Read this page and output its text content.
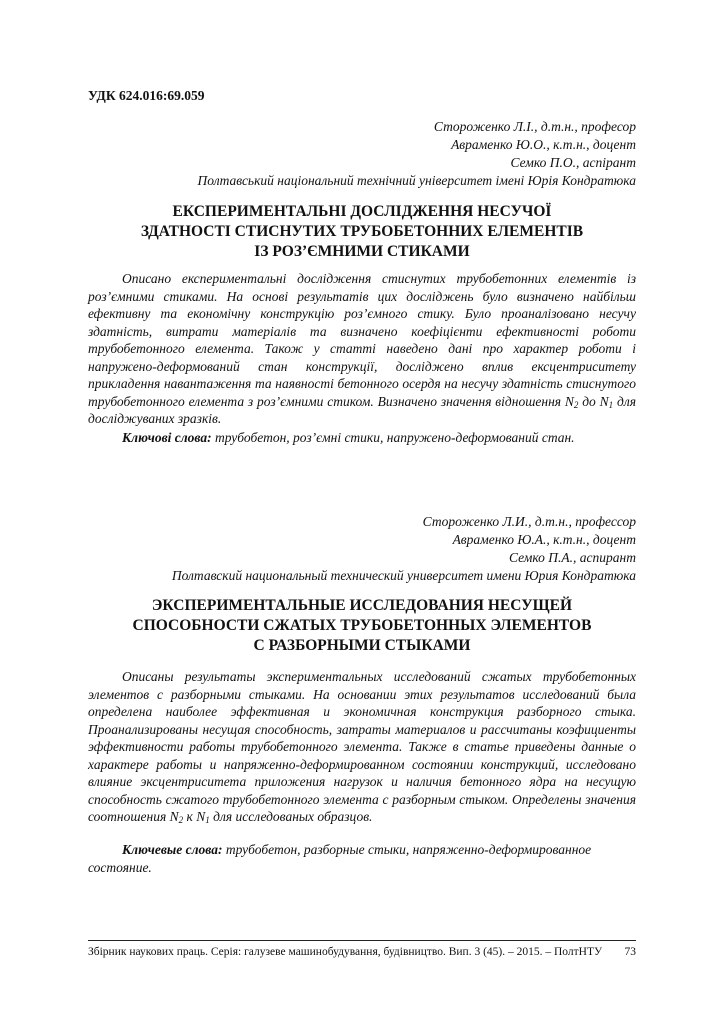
УДК 624.016:69.059
Стороженко Л.І., д.т.н., професор
Авраменко Ю.О., к.т.н., доцент
Семко П.О., аспірант
Полтавський національний технічний університет імені Юрія Кондратюка
ЕКСПЕРИМЕНТАЛЬНІ ДОСЛІДЖЕННЯ НЕСУЧОЇ
ЗДАТНОСТІ СТИСНУТИХ ТРУБОБЕТОННИХ ЕЛЕМЕНТІВ
ІЗ РОЗ’ЄМНИМИ СТИКАМИ

Описано експериментальні дослідження стиснутих трубобетонних елементів із роз’ємними стиками. На основі результатів цих досліджень було визначено найбільш ефективну та економічну конструкцію роз’ємного стику. Було проаналізовано несучу здатність, витрати матеріалів та визначено коефіцієнти ефективності роботи трубобетонного елемента. Також у статті наведено дані про характер роботи і напружено-деформований стан конструкції, досліджено вплив ексцентриситету прикладення навантаження та наявності бетонного осердя на несучу здатність стиснутого трубобетонного елемента з роз’ємними стиком. Визначено значення відношення $N_2$ до $N_1$ для досліджуваних зразків.

Ключові слова: трубобетон, роз’ємні стики, напружено-деформований стан.

Стороженко Л.И., д.т.н., профессор
Авраменко Ю.А., к.т.н., доцент
Семко П.А., аспирант
Полтавский национальный технический университет имени Юрия Кондратюка
ЭКСПЕРИМЕНТАЛЬНЫЕ ИССЛЕДОВАНИЯ НЕСУЩЕЙ
СПОСОБНОСТИ СЖАТЫХ ТРУБОБЕТОННЫХ ЭЛЕМЕНТОВ
С РАЗБОРНЫМИ СТЫКАМИ

Описаны результаты экспериментальных исследований сжатых трубобетонных элементов с разборными стыками. На основании этих результатов исследований была определена наиболее эффективная и экономичная конструкция разборного стыка. Проанализированы несущая способность, затраты материалов и рассчитаны коэфициенты эффективности работы трубобетонного элемента. Также в статье приведены данные о характере работы и напряженно-деформированном состоянии конструкций, исследовано влияние эксцентриситета приложения нагрузок и наличия бетонного ядра на несущую способность сжатого трубобетонного элемента с разборным стыком. Определены значения соотношения $N_2$ к $N_1$ для исследованых образцов.

Ключевые слова: трубобетон, разборные стыки, напряженно-деформированное состояние.

Збірник наукових праць. Серія: галузеве машинобудування, будівництво. Вип. 3 (45). – 2015. – ПолтНТУ 73
